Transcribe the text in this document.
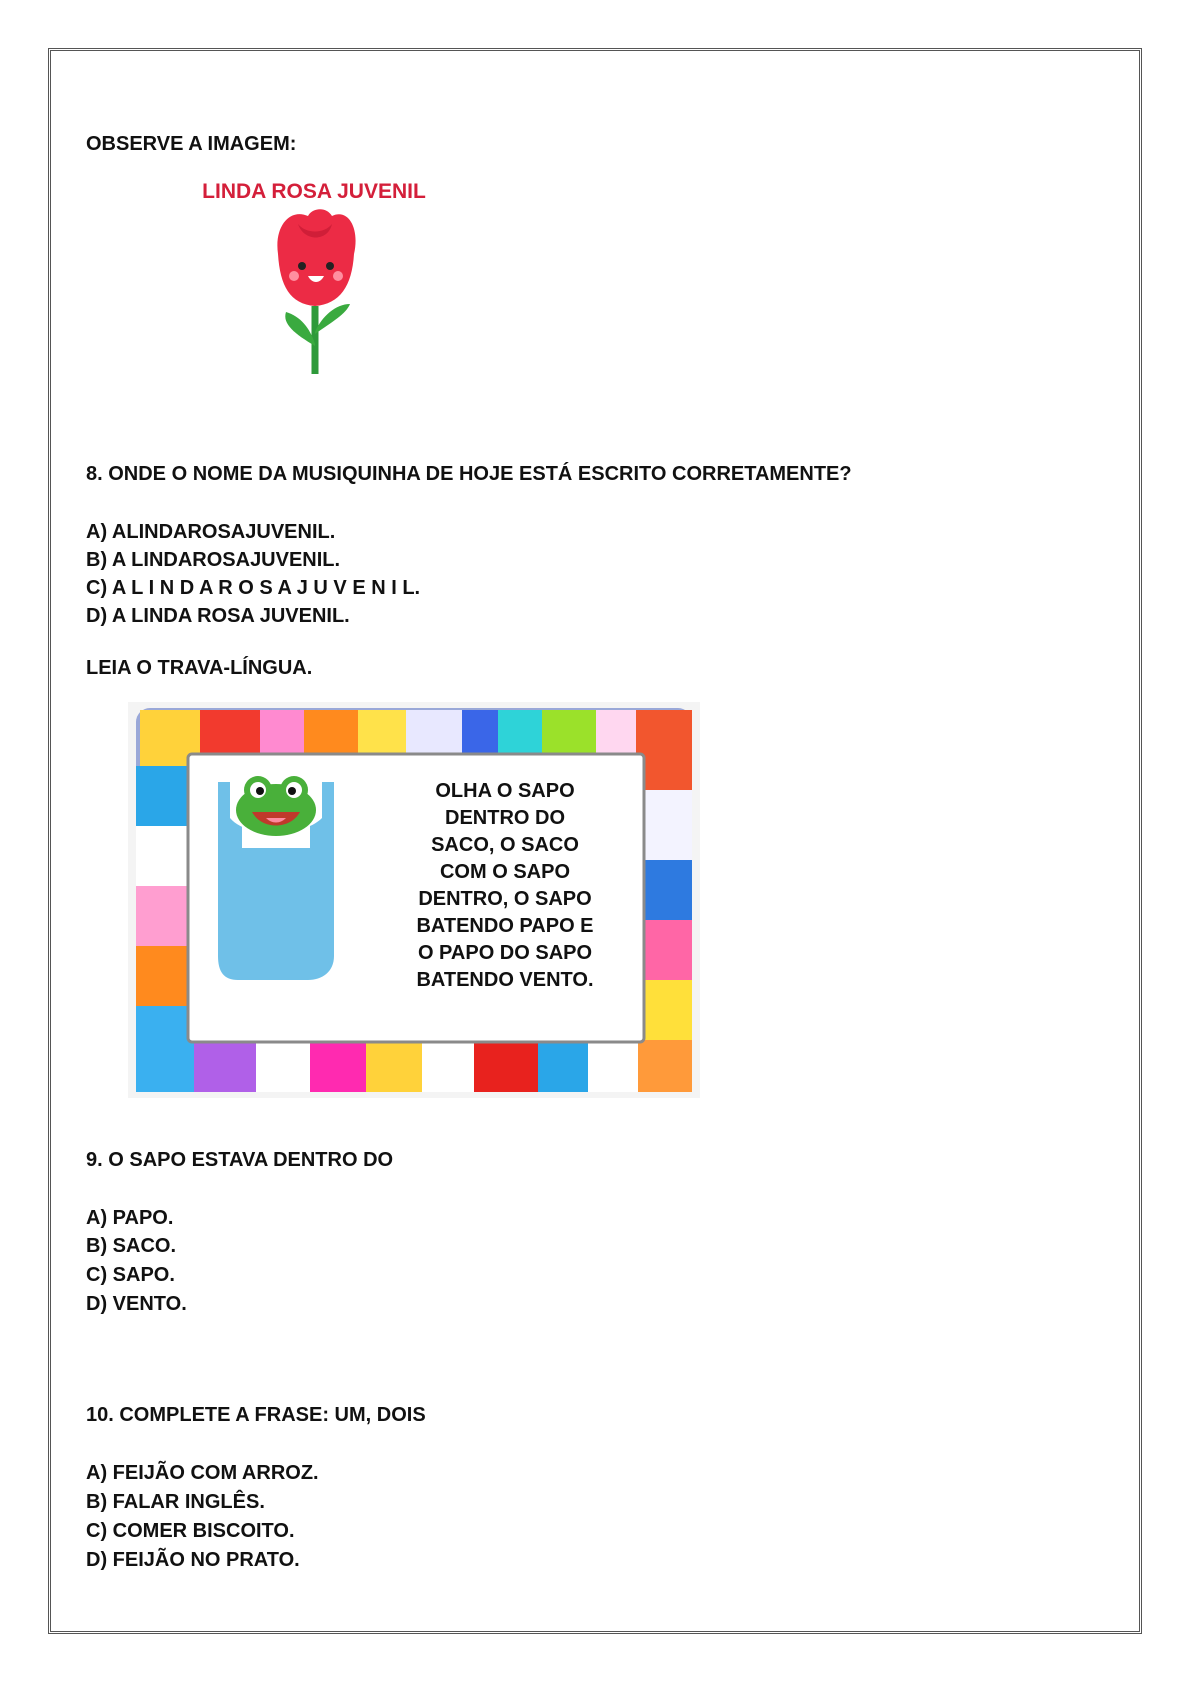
OBSERVE A IMAGEM:
LINDA ROSA JUVENIL
8. ONDE O NOME DA MUSIQUINHA DE HOJE ESTÁ ESCRITO CORRETAMENTE?
A) ALINDAROSAJUVENIL.
B) A LINDAROSAJUVENIL.
C) A L I N D A R O S A J U V E N I L.
D) A LINDA ROSA JUVENIL.
LEIA O TRAVA-LÍNGUA.
OLHA O SAPO
DENTRO DO
SACO, O SACO
COM O SAPO
DENTRO, O SAPO
BATENDO PAPO E
O PAPO DO SAPO
BATENDO VENTO.
9. O SAPO ESTAVA DENTRO DO
A) PAPO.
B) SACO.
C) SAPO.
D) VENTO.
10. COMPLETE A FRASE: UM, DOIS
A) FEIJÃO COM ARROZ.
B) FALAR INGLÊS.
C) COMER BISCOITO.
D) FEIJÃO NO PRATO.
